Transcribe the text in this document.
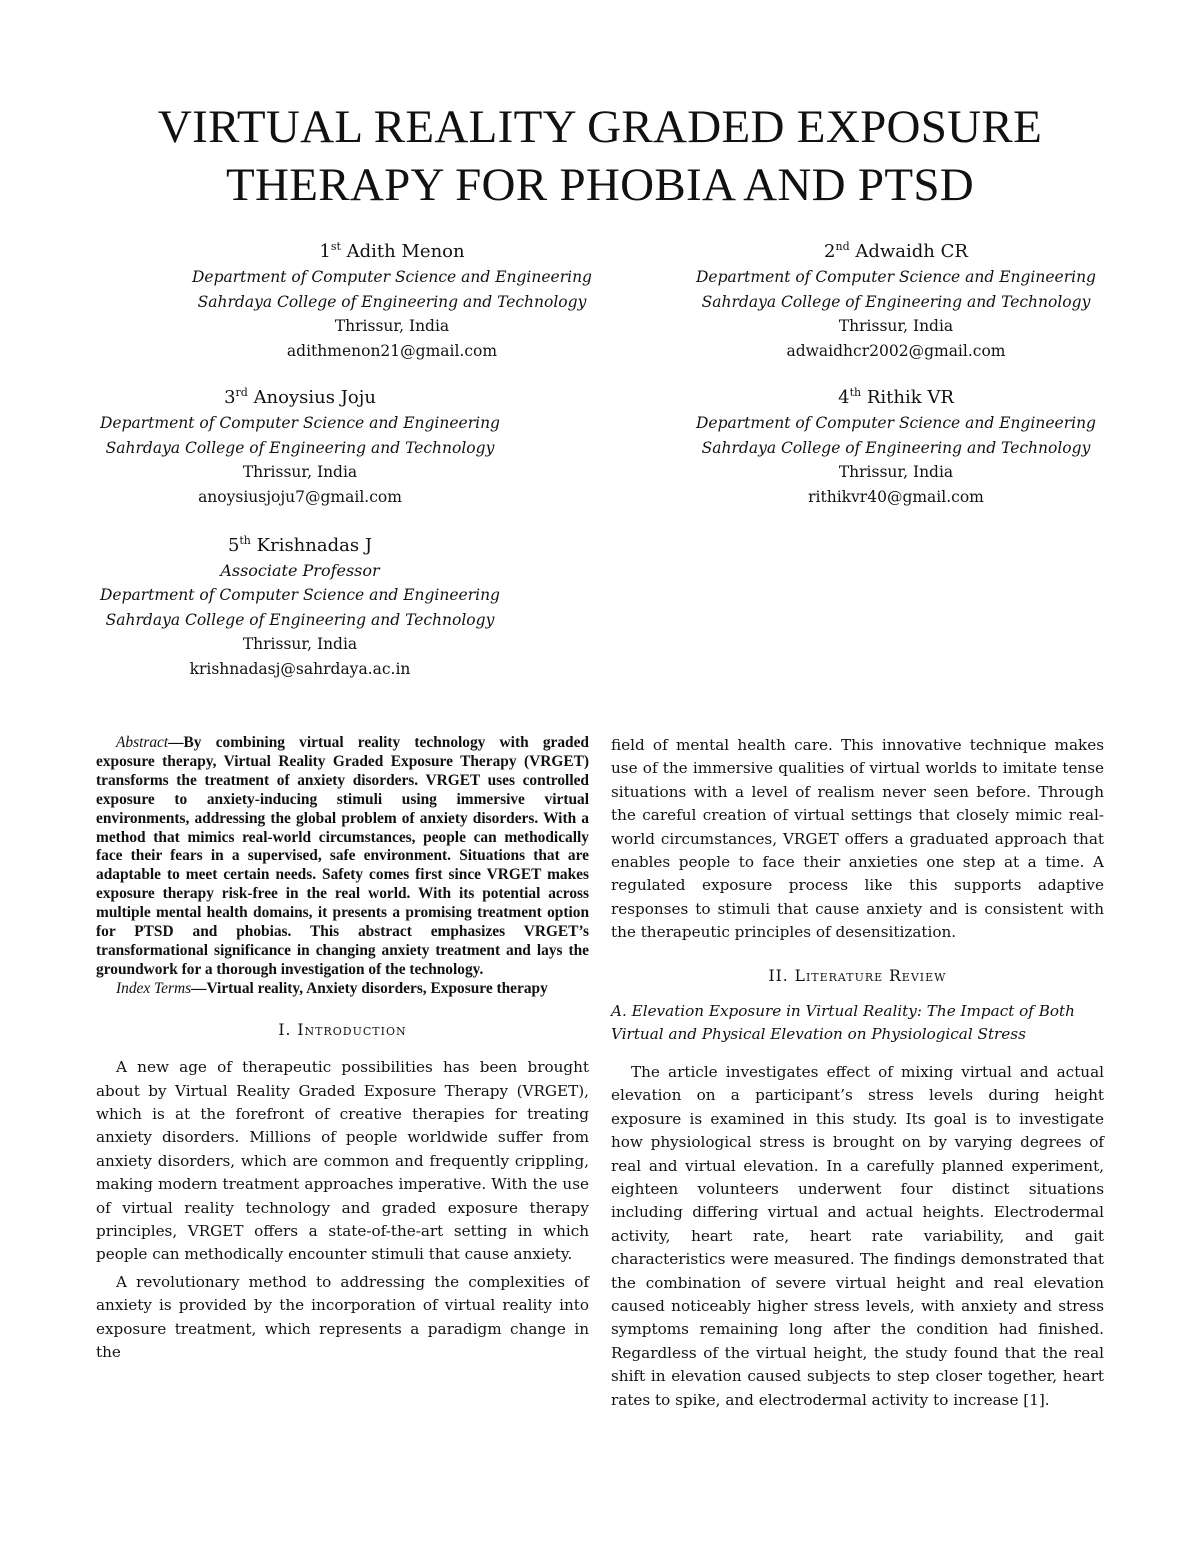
VIRTUAL REALITY GRADED EXPOSURE
THERAPY FOR PHOBIA AND PTSD
1st Adith Menon
Department of Computer Science and Engineering
Sahrdaya College of Engineering and Technology
Thrissur, India
adithmenon21@gmail.com
2nd Adwaidh CR
Department of Computer Science and Engineering
Sahrdaya College of Engineering and Technology
Thrissur, India
adwaidhcr2002@gmail.com
3rd Anoysius Joju
Department of Computer Science and Engineering
Sahrdaya College of Engineering and Technology
Thrissur, India
anoysiusjoju7@gmail.com
4th Rithik VR
Department of Computer Science and Engineering
Sahrdaya College of Engineering and Technology
Thrissur, India
rithikvr40@gmail.com
5th Krishnadas J
Associate Professor
Department of Computer Science and Engineering
Sahrdaya College of Engineering and Technology
Thrissur, India
krishnadasj@sahrdaya.ac.in

Abstract—By combining virtual reality technology with graded exposure therapy, Virtual Reality Graded Exposure Therapy (VRGET) transforms the treatment of anxiety disorders. VRGET uses controlled exposure to anxiety-inducing stimuli using immersive virtual environments, addressing the global problem of anxiety disorders. With a method that mimics real-world circumstances, people can methodically face their fears in a supervised, safe environment. Situations that are adaptable to meet certain needs. Safety comes first since VRGET makes exposure therapy risk-free in the real world. With its potential across multiple mental health domains, it presents a promising treatment option for PTSD and phobias. This abstract emphasizes VRGET’s transformational significance in changing anxiety treatment and lays the groundwork for a thorough investigation of the technology.

Index Terms—Virtual reality, Anxiety disorders, Exposure therapy

I. Introduction

A new age of therapeutic possibilities has been brought about by Virtual Reality Graded Exposure Therapy (VRGET), which is at the forefront of creative therapies for treating anxiety disorders. Millions of people worldwide suffer from anxiety disorders, which are common and frequently crippling, making modern treatment approaches imperative. With the use of virtual reality technology and graded exposure therapy principles, VRGET offers a state-of-the-art setting in which people can methodically encounter stimuli that cause anxiety.

A revolutionary method to addressing the complexities of anxiety is provided by the incorporation of virtual reality into exposure treatment, which represents a paradigm change in the

field of mental health care. This innovative technique makes use of the immersive qualities of virtual worlds to imitate tense situations with a level of realism never seen before. Through the careful creation of virtual settings that closely mimic real-world circumstances, VRGET offers a graduated approach that enables people to face their anxieties one step at a time. A regulated exposure process like this supports adaptive responses to stimuli that cause anxiety and is consistent with the therapeutic principles of desensitization.

II. Literature Review
A. Elevation Exposure in Virtual Reality: The Impact of Both Virtual and Physical Elevation on Physiological Stress

The article investigates effect of mixing virtual and actual elevation on a participant’s stress levels during height exposure is examined in this study. Its goal is to investigate how physiological stress is brought on by varying degrees of real and virtual elevation. In a carefully planned experiment, eighteen volunteers underwent four distinct situations including differing virtual and actual heights. Electrodermal activity, heart rate, heart rate variability, and gait characteristics were measured. The findings demonstrated that the combination of severe virtual height and real elevation caused noticeably higher stress levels, with anxiety and stress symptoms remaining long after the condition had finished. Regardless of the virtual height, the study found that the real shift in elevation caused subjects to step closer together, heart rates to spike, and electrodermal activity to increase [1].
